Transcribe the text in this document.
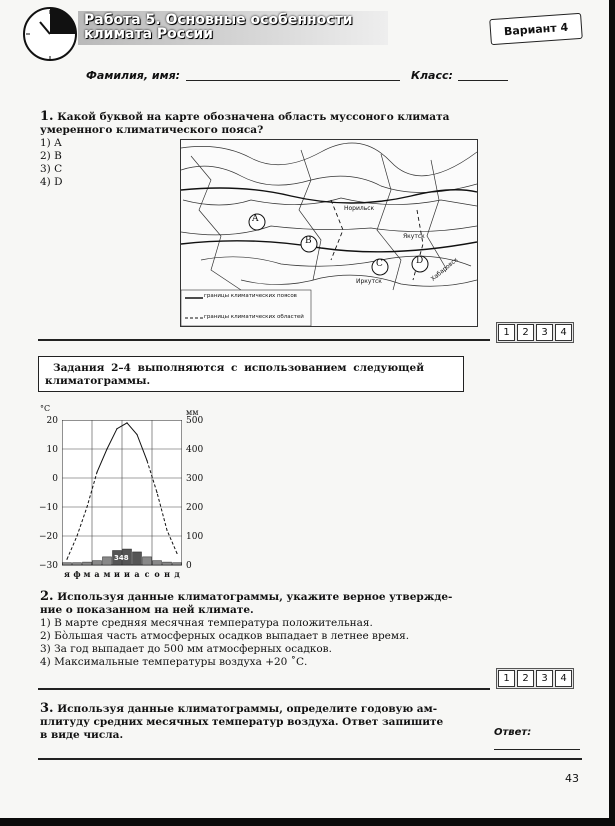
Работа 5. Основные особенности
климата России	Вариант 4
Фамилия, имя:	Класс:
1. Какой буквой на карте обозначена область муссоного климата
умеренного климатического пояса?
1) A
2) B
3) C
4) D
A
B
C	D
Норильск
Якутск
Иркутск	Хабаровск
границы климатических поясов
границы климатических областей
1	2	3	4
Задания 2–4 выполняются с использованием следующей
климатограммы.
°С	мм
20
10
0
−10
−20
−30
500
400
300
200
100
0
348
я ф м а м и и а с о н д
2. Используя данные климатограммы, укажите верное утвержде-
ние о показанном на ней климате.
1) В марте средняя месячная температура положительная.
2) Бо̀льшая часть атмосферных осадков выпадает в летнее время.
3) За год выпадает до 500 мм атмосферных осадков.
4) Максимальные температуры воздуха +20 ˚С.
1	2	3	4
3. Используя данные климатограммы, определите годовую ам-
плитуду средних месячных температур воздуха. Ответ запишите
в виде числа.	Ответ:
43
